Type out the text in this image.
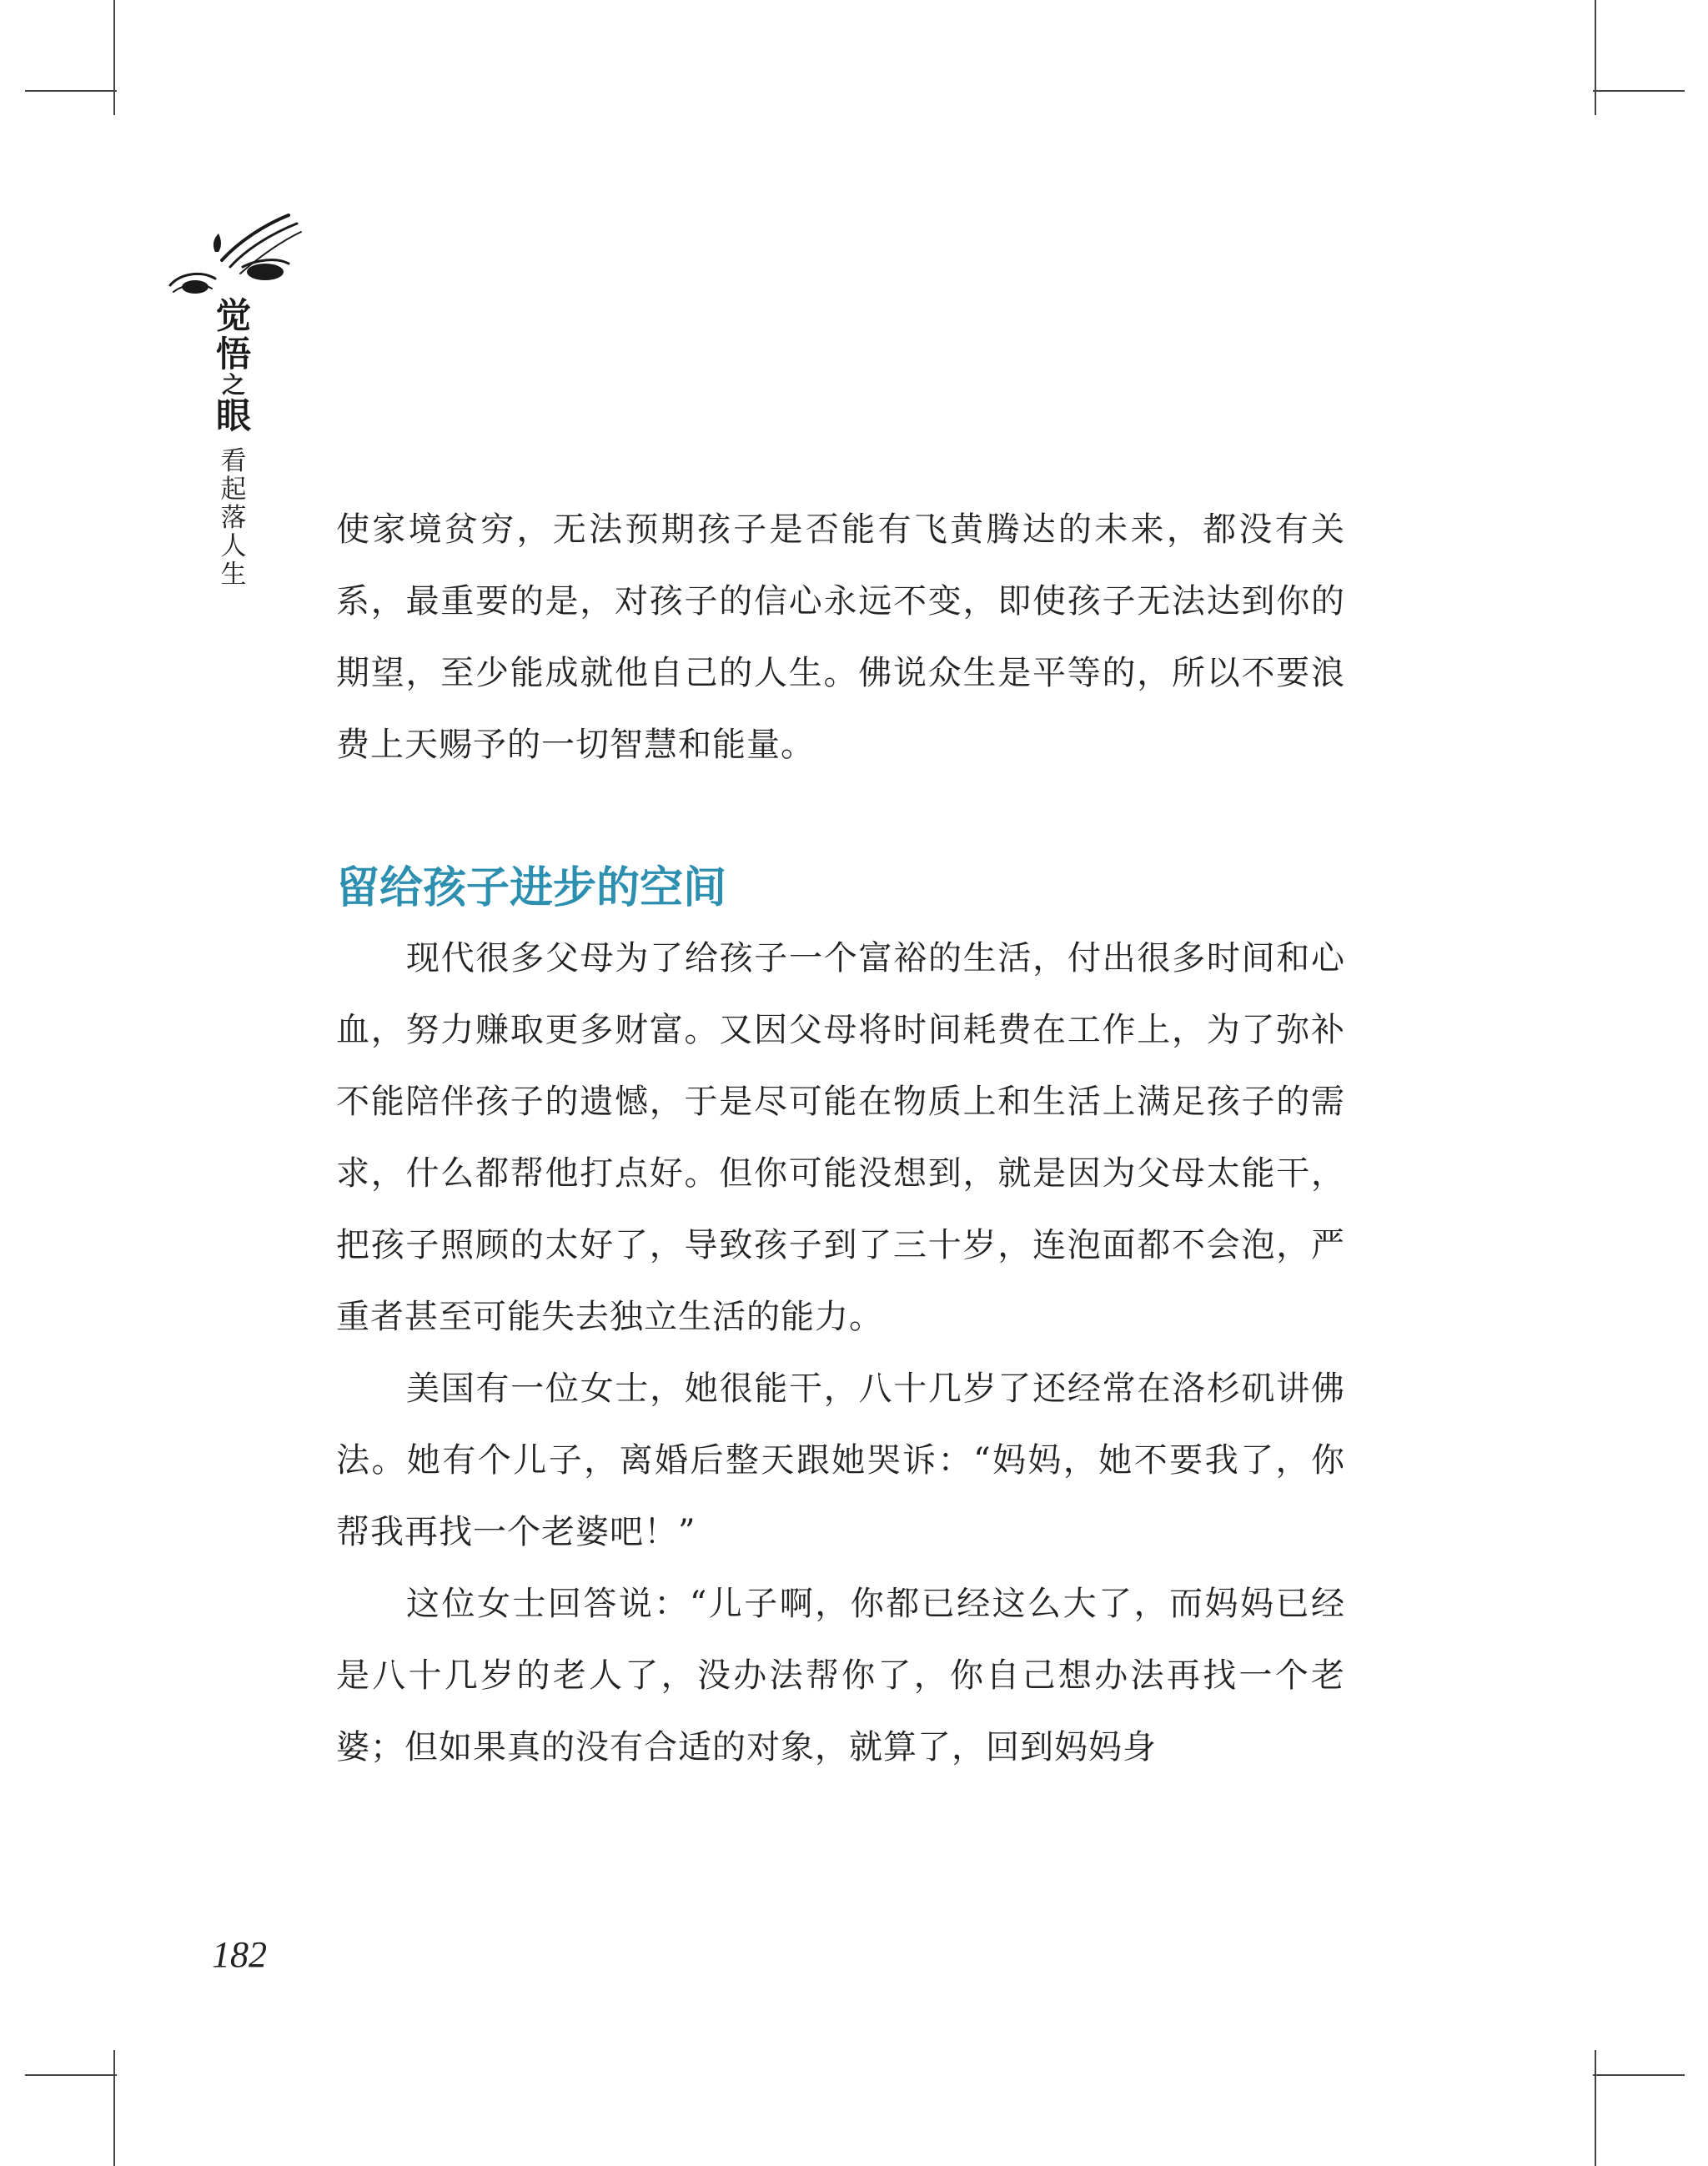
觉
悟
之
眼
看
起
落
人
生

使家境贫穷，无法预期孩子是否能有飞黄腾达的未来，都没有关系，最重要的是，对孩子的信心永远不变，即使孩子无法达到你的期望，至少能成就他自己的人生。佛说众生是平等的，所以不要浪费上天赐予的一切智慧和能量。

留给孩子进步的空间

现代很多父母为了给孩子一个富裕的生活，付出很多时间和心血，努力赚取更多财富。又因父母将时间耗费在工作上，为了弥补不能陪伴孩子的遗憾，于是尽可能在物质上和生活上满足孩子的需求，什么都帮他打点好。但你可能没想到，就是因为父母太能干，把孩子照顾的太好了，导致孩子到了三十岁，连泡面都不会泡，严重者甚至可能失去独立生活的能力。

美国有一位女士，她很能干，八十几岁了还经常在洛杉矶讲佛法。她有个儿子，离婚后整天跟她哭诉：“妈妈，她不要我了，你帮我再找一个老婆吧！”

这位女士回答说：“儿子啊，你都已经这么大了，而妈妈已经是八十几岁的老人了，没办法帮你了，你自己想办法再找一个老婆；但如果真的没有合适的对象，就算了，回到妈妈身

182
